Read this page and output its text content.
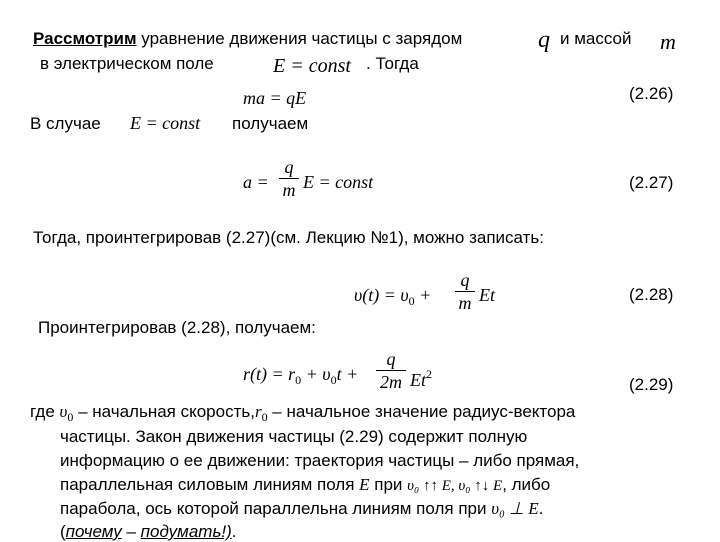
Рассмотрим уравнение движения частицы с зарядом	q и массой m
в электрическом поле	E = const . Тогда
ma = qE	(2.26)
В случае E = const получаем
a =
q
m E = const	(2.27)
Тогда, проинтегрировав (2.27)(см. Лекцию №1), можно записать:
$\upsilon(t) = \upsilon_0$ +
q
m Et	(2.28)
Проинтегрировав (2.28), получаем:
$r(t) = r_0 + \upsilon_0t$ +
q
2m Et$^2$
(2.29)
где $\upsilon_0$ – начальная $скорость,r_0$ – начальное значение радиус-вектора
частицы. Закон движения частицы (2.29) содержит полную
информацию о ее движении: траектория частицы – либо прямая,
параллельная силовым линиям поля E при υ₀ ↑↑ E, υ₀ ↑↓ E, либо
парабола, ось которой параллельна линиям поля при υ₀ ⊥ E.
(почему – подумать!).
